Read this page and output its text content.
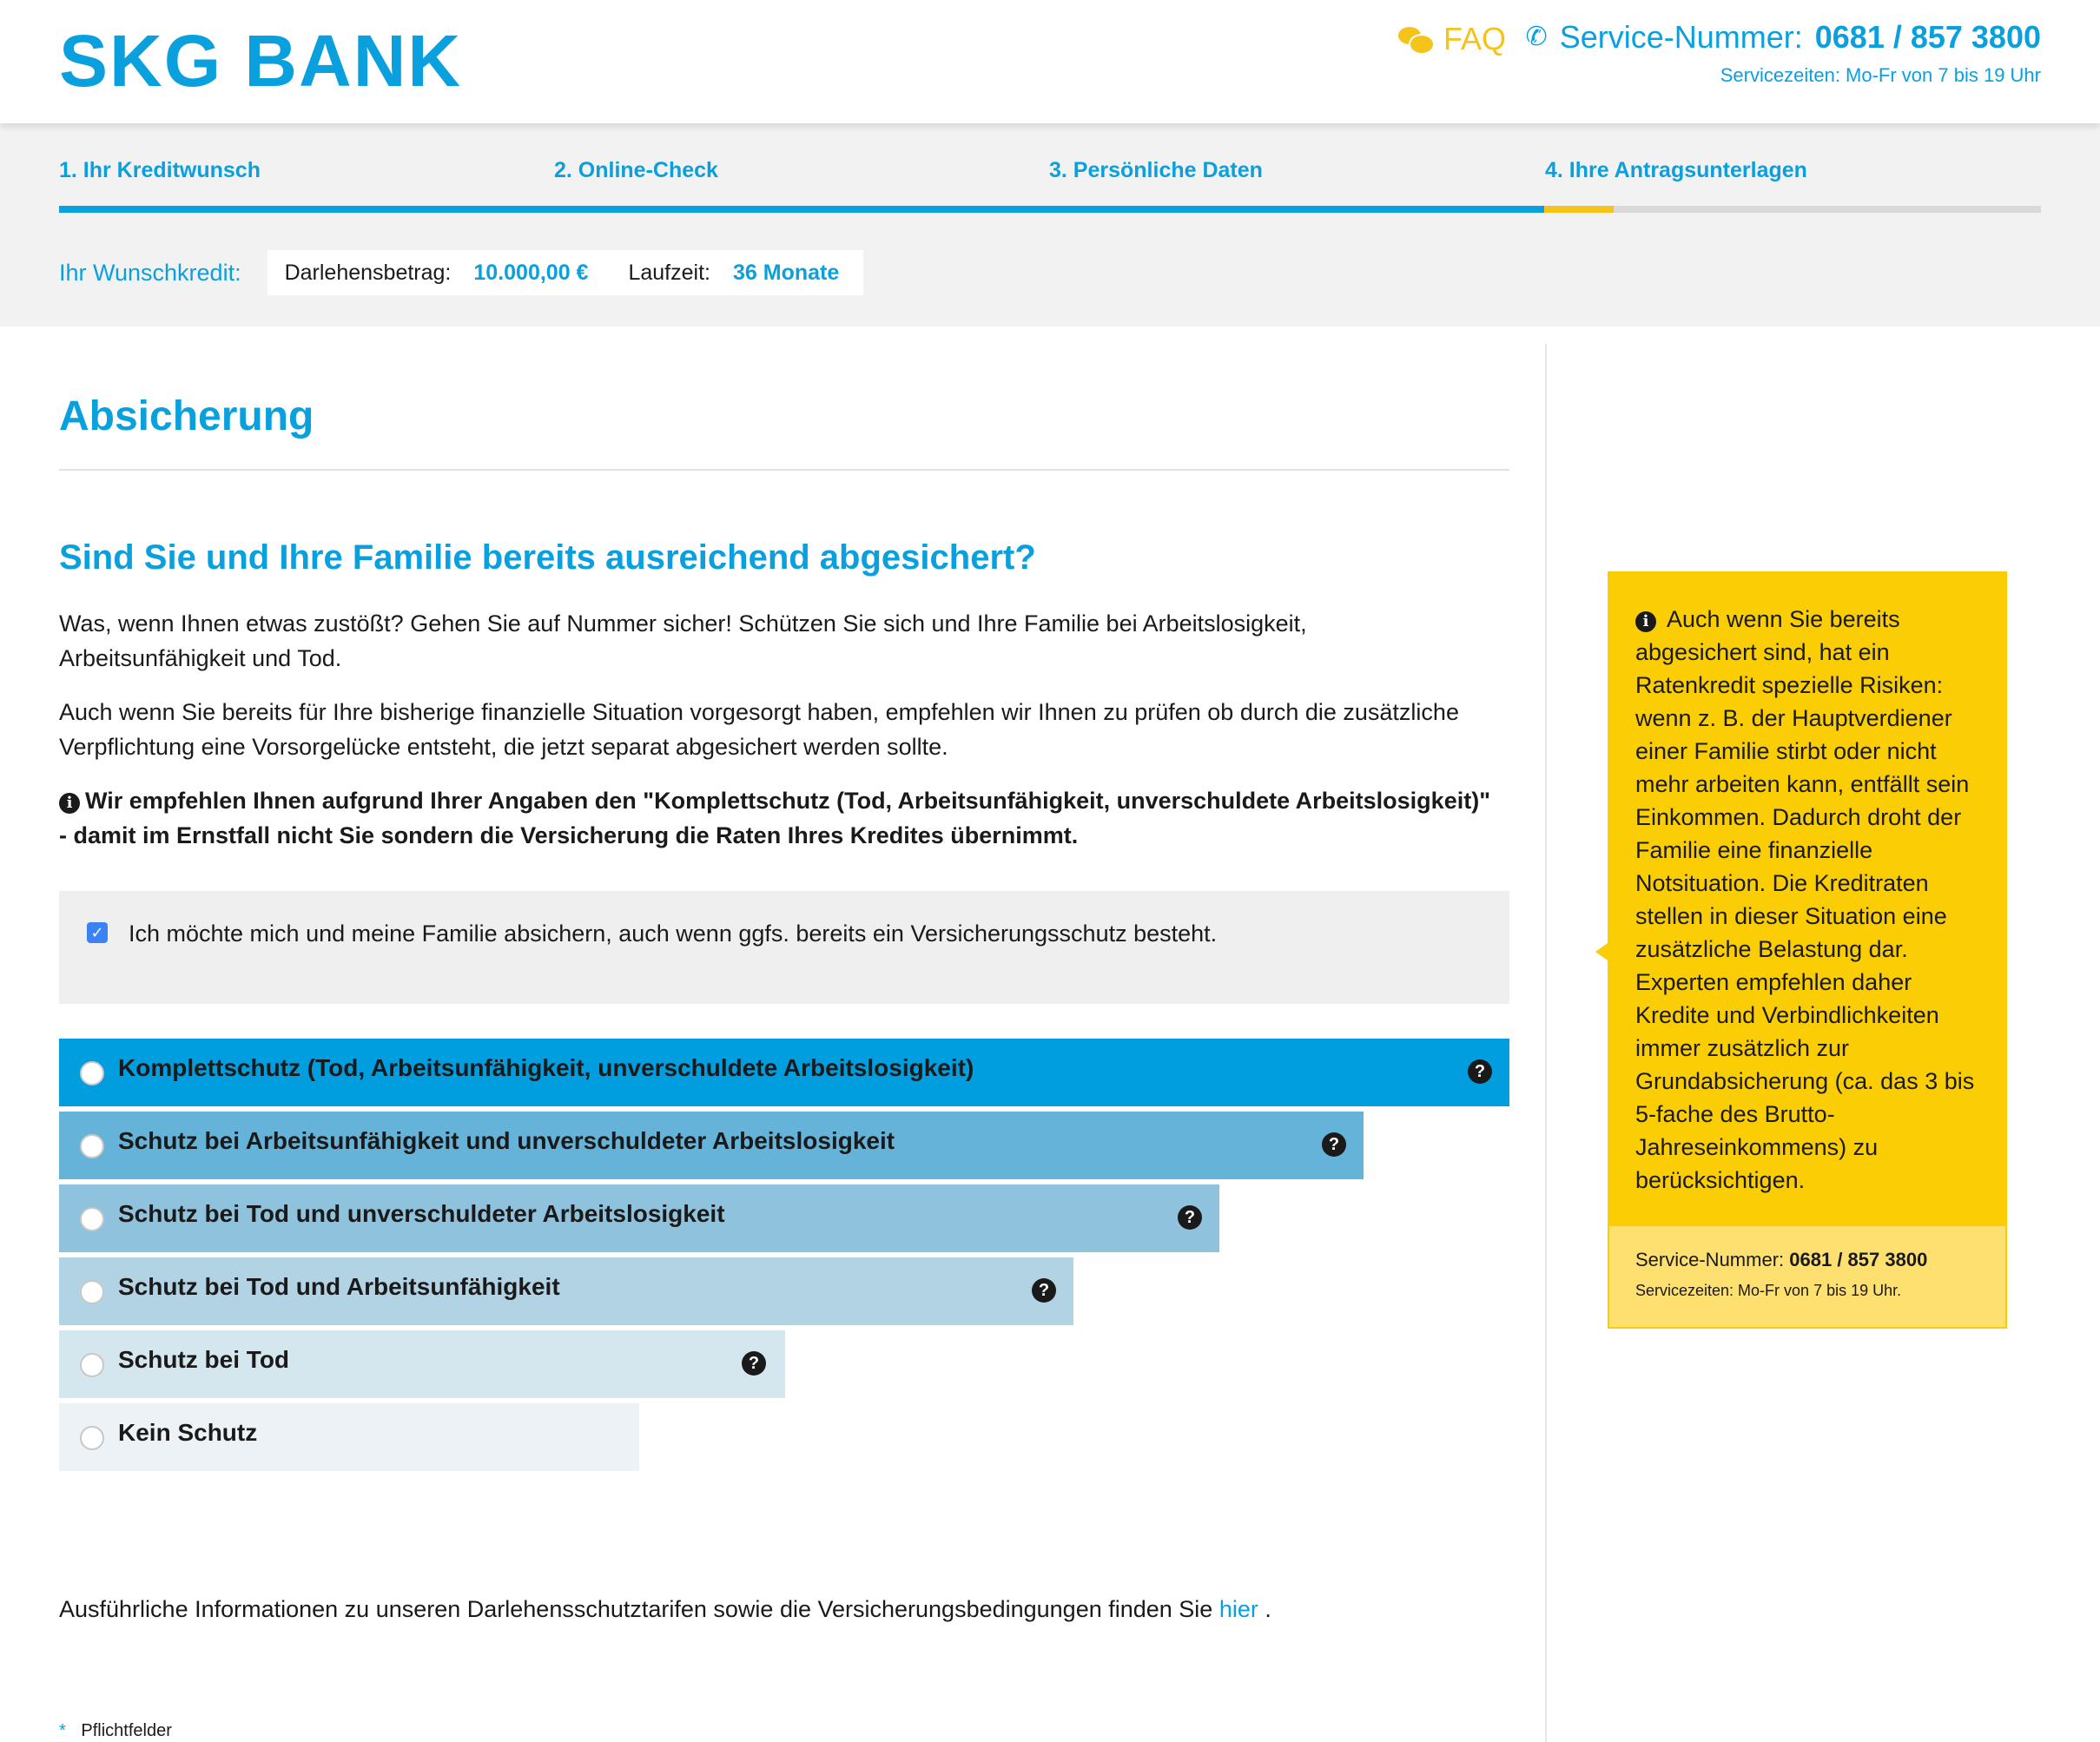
SKG BANK	FAQ ✆ Service-Nummer: 0681 / 857 3800
Servicezeiten: Mo-Fr von 7 bis 19 Uhr
1. Ihr Kreditwunsch	2. Online-Check	3. Persönliche Daten	4. Ihre Antragsunterlagen
Ihr Wunschkredit: Darlehensbetrag: 10.000,00 € Laufzeit: 36 Monate
Absicherung
Sind Sie und Ihre Familie bereits ausreichend abgesichert?

Was, wenn Ihnen etwas zustößt? Gehen Sie auf Nummer sicher! Schützen Sie sich und Ihre Familie bei Arbeitslosigkeit, Arbeitsunfähigkeit und Tod.

Auch wenn Sie bereits für Ihre bisherige finanzielle Situation vorgesorgt haben, empfehlen wir Ihnen zu prüfen ob durch die zusätzliche Verpflichtung eine Vorsorgelücke entsteht, die jetzt separat abgesichert werden sollte.

i Wir empfehlen Ihnen aufgrund Ihrer Angaben den "Komplettschutz (Tod, Arbeitsunfähigkeit, unverschuldete Arbeitslosigkeit)" - damit im Ernstfall nicht Sie sondern die Versicherung die Raten Ihres Kredites übernimmt.

✓ Ich möchte mich und meine Familie absichern, auch wenn ggfs. bereits ein Versicherungsschutz besteht.
Komplettschutz (Tod, Arbeitsunfähigkeit, unverschuldete Arbeitslosigkeit)	?
Schutz bei Arbeitsunfähigkeit und unverschuldeter Arbeitslosigkeit	?
Schutz bei Tod und unverschuldeter Arbeitslosigkeit	?
Schutz bei Tod und Arbeitsunfähigkeit	?
Schutz bei Tod	?
Kein Schutz

Ausführliche Informationen zu unseren Darlehensschutztarifen sowie die Versicherungsbedingungen finden Sie hier .

* Pflichtfelder
i Auch wenn Sie bereits abgesichert sind, hat ein Ratenkredit spezielle Risiken: wenn z. B. der Hauptverdiener einer Familie stirbt oder nicht mehr arbeiten kann, entfällt sein Einkommen. Dadurch droht der Familie eine finanzielle Notsituation. Die Kreditraten stellen in dieser Situation eine zusätzliche Belastung dar. Experten empfehlen daher Kredite und Verbindlichkeiten immer zusätzlich zur Grundabsicherung (ca. das 3 bis 5-fache des Brutto-Jahreseinkommens) zu berücksichtigen.
Service-Nummer: 0681 / 857 3800
Servicezeiten: Mo-Fr von 7 bis 19 Uhr.
